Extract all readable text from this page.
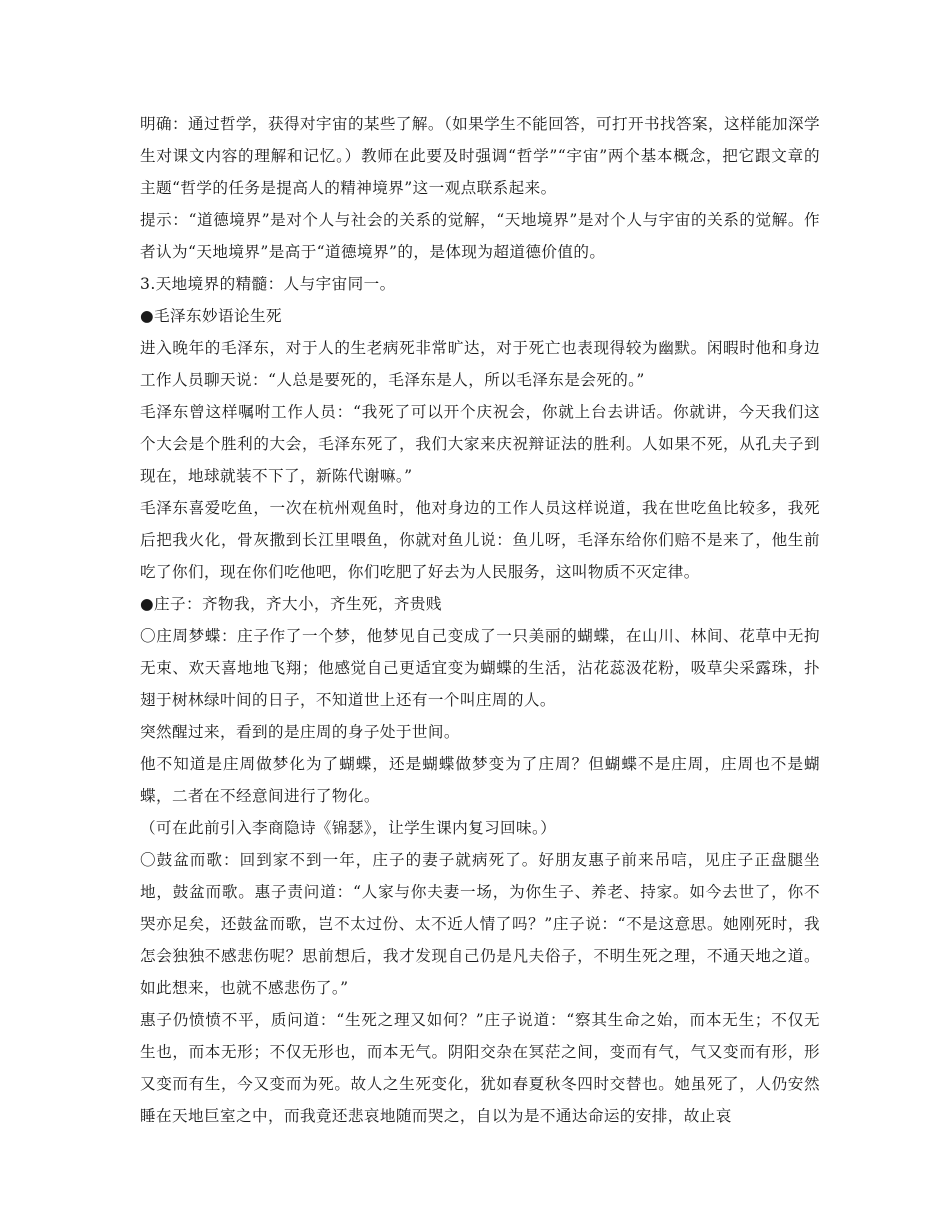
明确：通过哲学，获得对宇宙的某些了解。（如果学生不能回答，可打开书找答案，这样能加深学生对课文内容的理解和记忆。）教师在此要及时强调“哲学”“宇宙”两个基本概念，把它跟文章的主题“哲学的任务是提高人的精神境界”这一观点联系起来。

提示：“道德境界”是对个人与社会的关系的觉解，“天地境界”是对个人与宇宙的关系的觉解。作者认为“天地境界”是高于“道德境界”的，是体现为超道德价值的。

3.天地境界的精髓：人与宇宙同一。

●毛泽东妙语论生死

进入晚年的毛泽东，对于人的生老病死非常旷达，对于死亡也表现得较为幽默。闲暇时他和身边工作人员聊天说：“人总是要死的，毛泽东是人，所以毛泽东是会死的。”

毛泽东曾这样嘱咐工作人员：“我死了可以开个庆祝会，你就上台去讲话。你就讲，今天我们这个大会是个胜利的大会，毛泽东死了，我们大家来庆祝辩证法的胜利。人如果不死，从孔夫子到现在，地球就装不下了，新陈代谢嘛。”

毛泽东喜爱吃鱼，一次在杭州观鱼时，他对身边的工作人员这样说道，我在世吃鱼比较多，我死后把我火化，骨灰撒到长江里喂鱼，你就对鱼儿说：鱼儿呀，毛泽东给你们赔不是来了，他生前吃了你们，现在你们吃他吧，你们吃肥了好去为人民服务，这叫物质不灭定律。

●庄子：齐物我，齐大小，齐生死，齐贵贱

〇庄周梦蝶：庄子作了一个梦，他梦见自己变成了一只美丽的蝴蝶，在山川、林间、花草中无拘无束、欢天喜地地飞翔；他感觉自己更适宜变为蝴蝶的生活，沾花蕊汲花粉，吸草尖采露珠，扑翅于树林绿叶间的日子，不知道世上还有一个叫庄周的人。

突然醒过来，看到的是庄周的身子处于世间。

他不知道是庄周做梦化为了蝴蝶，还是蝴蝶做梦变为了庄周？但蝴蝶不是庄周，庄周也不是蝴蝶，二者在不经意间进行了物化。

（可在此前引入李商隐诗《锦瑟》，让学生课内复习回味。）

〇鼓盆而歌：回到家不到一年，庄子的妻子就病死了。好朋友惠子前来吊唁，见庄子正盘腿坐地，鼓盆而歌。惠子责问道：“人家与你夫妻一场，为你生子、养老、持家。如今去世了，你不哭亦足矣，还鼓盆而歌，岂不太过份、太不近人情了吗？”庄子说：“不是这意思。她刚死时，我怎会独独不感悲伤呢？思前想后，我才发现自己仍是凡夫俗子，不明生死之理，不通天地之道。如此想来，也就不感悲伤了。”

惠子仍愤愤不平，质问道：“生死之理又如何？”庄子说道：“察其生命之始，而本无生；不仅无生也，而本无形；不仅无形也，而本无气。阴阳交杂在冥茫之间，变而有气，气又变而有形，形又变而有生，今又变而为死。故人之生死变化，犹如春夏秋冬四时交替也。她虽死了，人仍安然睡在天地巨室之中，而我竟还悲哀地随而哭之，自以为是不通达命运的安排，故止哀
